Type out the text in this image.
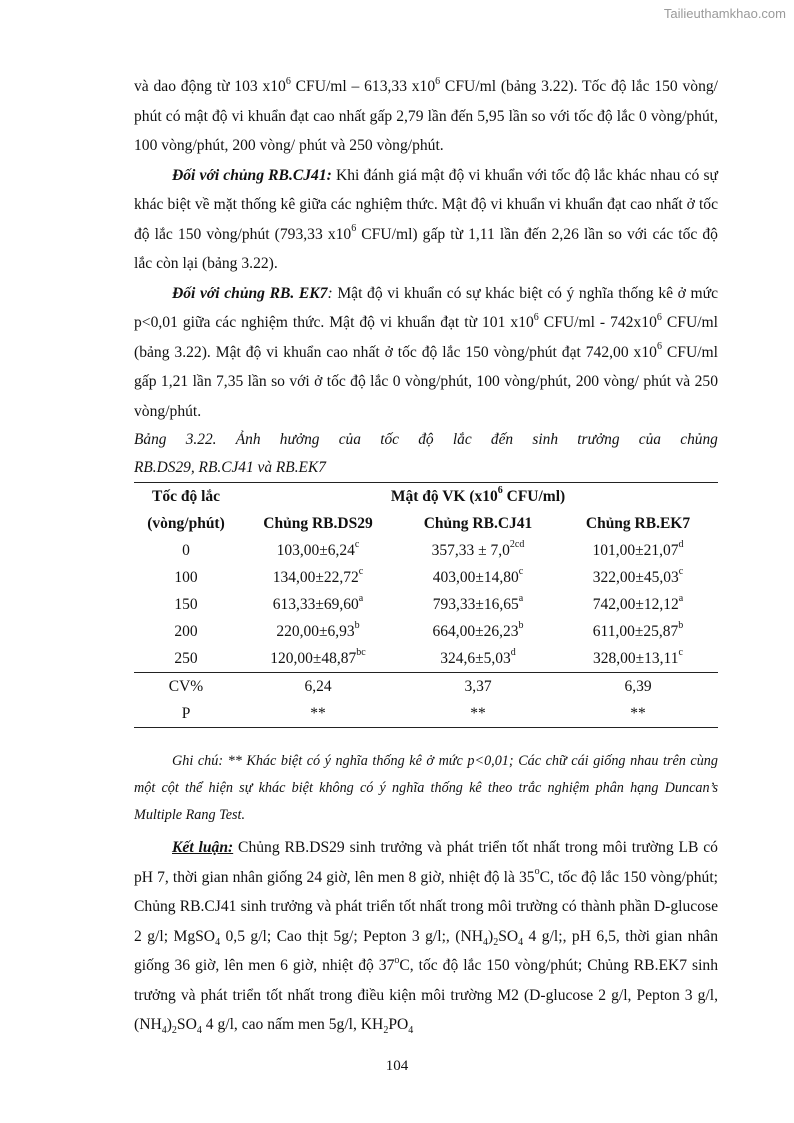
Tailieuthamkhao.com

và dao động từ 103 $x10^6$ CFU/ml – 613,33 $x10^6$ CFU/ml (bảng 3.22). Tốc độ lắc 150 vòng/ phút có mật độ vi khuẩn đạt cao nhất gấp 2,79 lần đến 5,95 lần so với tốc độ lắc 0 vòng/phút, 100 vòng/phút, 200 vòng/ phút và 250 vòng/phút.

Đối với chủng RB.CJ41: Khi đánh giá mật độ vi khuẩn với tốc độ lắc khác nhau có sự khác biệt về mặt thống kê giữa các nghiệm thức. Mật độ vi khuẩn vi khuẩn đạt cao nhất ở tốc độ lắc 150 vòng/phút (793,33 $x10^6$ CFU/ml) gấp từ 1,11 lần đến 2,26 lần so với các tốc độ lắc còn lại (bảng 3.22).

Đối với chủng RB. EK7: Mật độ vi khuẩn có sự khác biệt có ý nghĩa thống kê ở mức p<0,01 giữa các nghiệm thức. Mật độ vi khuẩn đạt từ 101 $x10^6$ $CFU/ml - 742x10^6$ CFU/ml (bảng 3.22). Mật độ vi khuẩn cao nhất ở tốc độ lắc 150 vòng/phút đạt 742,00 $x10^6$ CFU/ml gấp 1,21 lần 7,35 lần so với ở tốc độ lắc 0 vòng/phút, 100 vòng/phút, 200 vòng/ phút và 250 vòng/phút.

Bảng 3.22. Ảnh hưởng của tốc độ lắc đến sinh trưởng của chủng
RB.DS29, RB.CJ41 và RB.EK7
Tốc độ lắc	Mật độ VK ($x10^6$ CFU/ml)		
(vòng/phút)	Chủng RB.DS29	Chủng RB.CJ41	Chủng RB.EK7
0	103,00±6,24$^c$	$357,33 \pm 7,0^{2cd}$	101,00±21,07$^d$
100	134,00±22,72$^c$	403,00±14,80$^c$	322,00±45,03$^c$
150	613,33±69,60$^a$	793,33±16,65$^a$	742,00±12,12$^a$
200	220,00±6,93$^b$	664,00±26,23$^b$	611,00±25,87$^b$
250	120,00±48,87$^{bc}$	324,6±5,03$^d$	328,00±13,11$^c$
CV%	6,24	3,37	6,39
P	**	**	**

Ghi chú: ** Khác biệt có ý nghĩa thống kê ở mức p<0,01; Các chữ cái giống nhau trên cùng một cột thể hiện sự khác biệt không có ý nghĩa thống kê theo trắc nghiệm phân hạng Duncan’s Multiple Rang Test.

Kết luận: Chủng RB.DS29 sinh trưởng và phát triển tốt nhất trong môi trường LB có pH 7, thời gian nhân giống 24 giờ, lên men 8 giờ, nhiệt độ là 35$^o$C, tốc độ lắc 150 vòng/phút; Chủng RB.CJ41 sinh trưởng và phát triển tốt nhất trong môi trường có thành phần D-glucose 2 g/l; MgSO$_4$ 0,5 g/l; Cao thịt 5g/; Pepton 3 g/l;, $(NH_4)_2SO_4$ 4 g/l;, pH 6,5, thời gian nhân giống 36 giờ, lên men 6 giờ, nhiệt độ 37$^o$C, tốc độ lắc 150 vòng/phút; Chủng RB.EK7 sinh trưởng và phát triển tốt nhất trong điều kiện môi trường M2 (D-glucose 2 g/l, Pepton 3 g/l, $(NH_4)_2SO_4$ 4 g/l, cao nấm men 5g/l, $KH_2PO_4$

104
